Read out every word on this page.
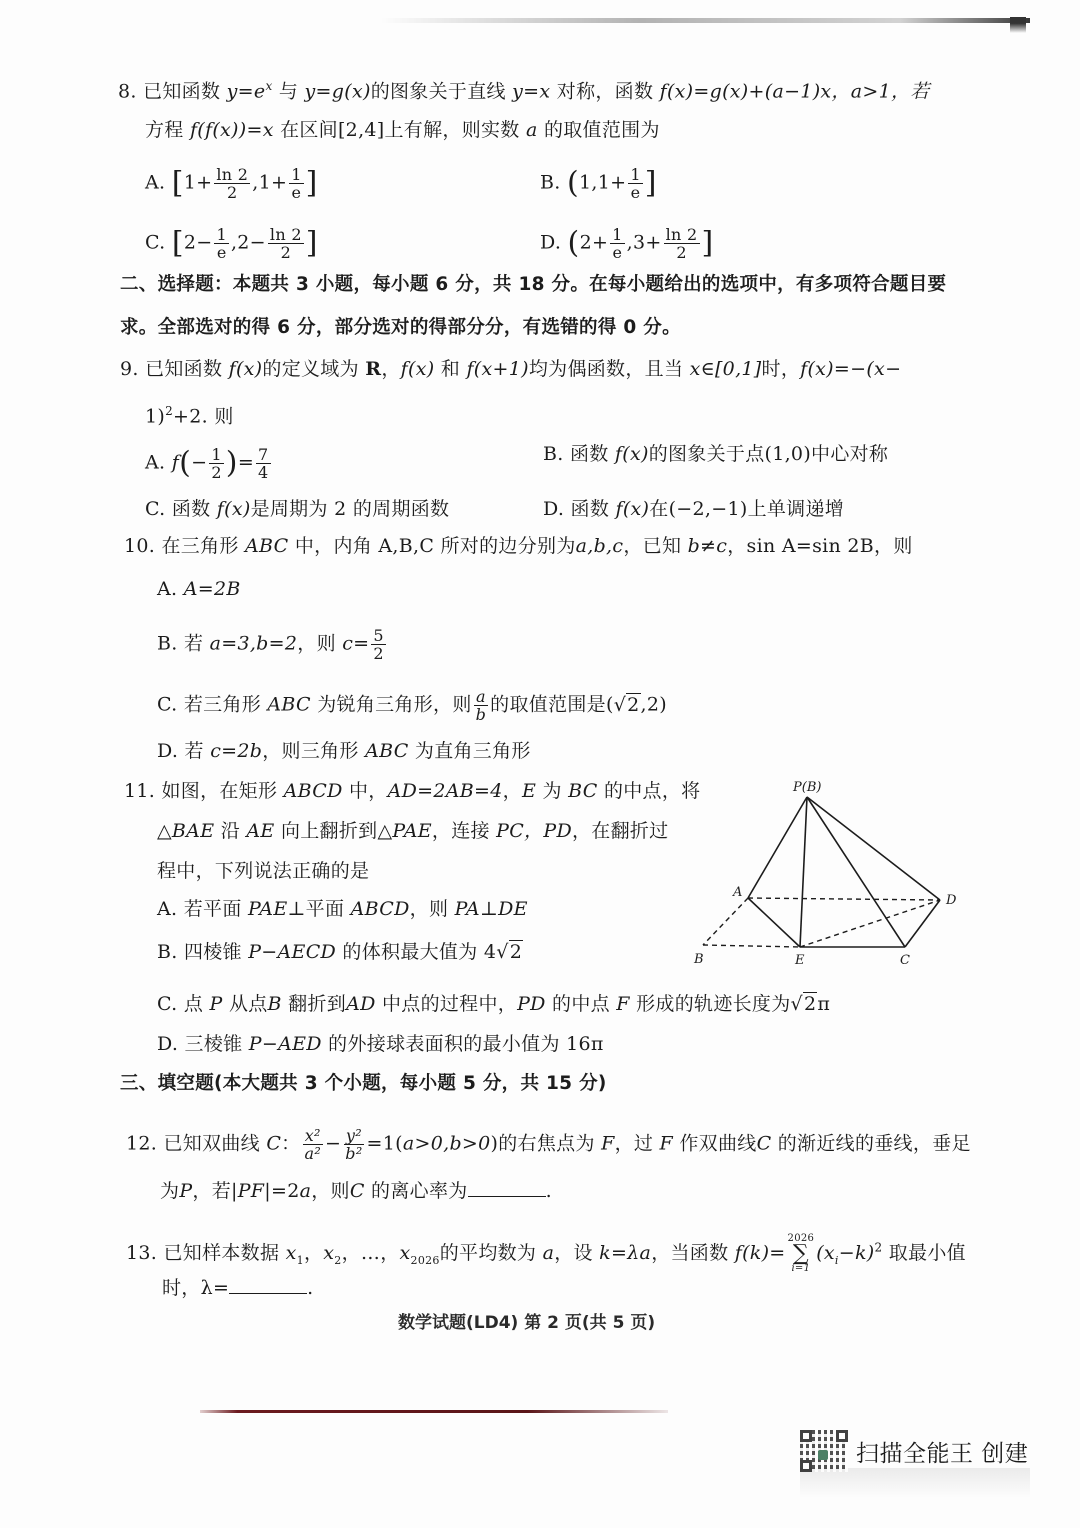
8. 已知函数 $y=e^x$ 与 y=g(x)的图象关于直线 y=x 对称，函数 f(x)=g(x)+(a−1)x，a>1，若
方程 f(f(x))=x 在区间[2,4]上有解，则实数 a 的取值范围为
A. [$1+ \frac{\ln 2}{2} ,1+ \frac{1}{e}$ ]	B. ($1,1+ \frac{1}{e}$ ]
C. [$2- \frac{1}{e} ,2- \frac{\ln 2}{2}$ ]	D. ($2+ \frac{1}{e} ,3+ \frac{\ln 2}{2}$ ]
二、选择题：本题共 3 小题，每小题 6 分，共 18 分。在每小题给出的选项中，有多项符合题目要
求。全部选对的得 6 分，部分选对的得部分分，有选错的得 0 分。
9. 已知函数 f(x)的定义域为 R，f(x) 和 f(x+1)均为偶函数，且当 x∈[0,1]时，f(x)=−(x−
1)$^2$+2. 则
A. $f(- \frac{1}{2}$ )= $\frac{7}{4}$	B. 函数 f(x)的图象关于点(1,0)中心对称
C. 函数 f(x)是周期为 2 的周期函数	D. 函数 f(x)在(−2,−1)上单调递增
10. 在三角形 ABC 中，内角 A,B,C 所对的边分别为a,b,c，已知 b≠c，sin A=sin 2B，则
A. A=2B
B. 若 a=3,b=2，则 $c= \frac{5}{2}$
C. 若三角形 ABC 为锐角三角形，则 $\frac{a}{b}$ 的取值范围是(√2,2)
D. 若 c=2b，则三角形 ABC 为直角三角形
11. 如图，在矩形 ABCD 中，AD=2AB=4，E 为 BC 的中点，将
△BAE 沿 AE 向上翻折到△PAE，连接 PC，PD，在翻折过
程中，下列说法正确的是
A. 若平面 PAE⊥平面 ABCD，则 PA⊥DE
B. 四棱锥 P−AECD 的体积最大值为 4√2
C. 点 P 从点B 翻折到AD 中点的过程中，PD 的中点 F 形成的轨迹长度为√2π
D. 三棱锥 P−AED 的外接球表面积的最小值为 16π
P(B)
A
D
B	E	C
三、填空题(本大题共 3 个小题，每小题 5 分，共 15 分)
12. 已知双曲线 C： $\frac{\text{x²}}{\text{a²}} - \frac{\text{y²}}{\text{b²}} =1(a>0,b>0)$的右焦点为 F，过 F 作双曲线C 的渐近线的垂线，垂足
为P，若|PF|=2a，则C 的离心率为	.
13. 已知样本数据 $x_1$，$x_2$，…，$x_{2026}$的平均数为 a，设 k=λa，当函数 f(k)=
2026
∑
i=1
$(x_i-k)^2$ 取最小值
时，λ=	.
数学试题(LD4) 第 2 页(共 5 页)
扫描全能王 创建
